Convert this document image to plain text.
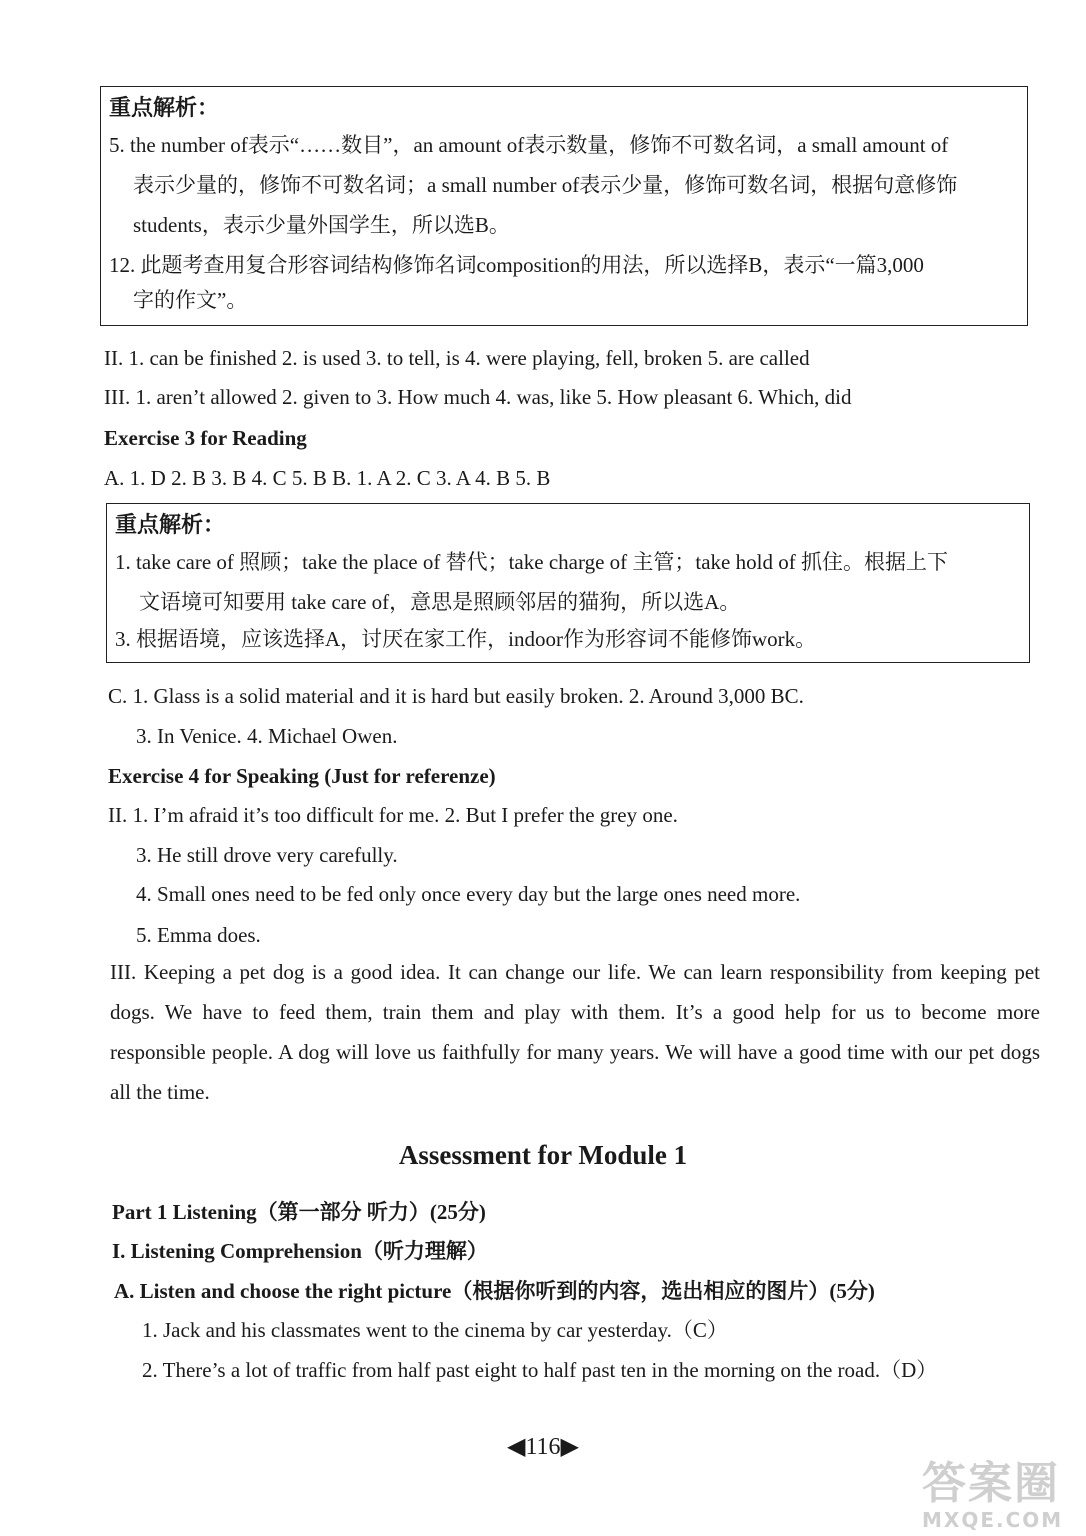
重点解析：
5. the number of表示“……数目”，an amount of表示数量，修饰不可数名词，a small amount of
表示少量的，修饰不可数名词；a small number of表示少量，修饰可数名词，根据句意修饰
students，表示少量外国学生，所以选B。
12. 此题考查用复合形容词结构修饰名词composition的用法，所以选择B，表示“一篇3,000
字的作文”。
II. 1. can be finished 2. is used 3. to tell, is 4. were playing, fell, broken 5. are called
III. 1. aren’t allowed 2. given to 3. How much 4. was, like 5. How pleasant 6. Which, did
Exercise 3 for Reading
A. 1. D 2. B 3. B 4. C 5. B B. 1. A 2. C 3. A 4. B 5. B
重点解析：
1. take care of 照顾；take the place of 替代；take charge of 主管；take hold of 抓住。根据上下
文语境可知要用 take care of，意思是照顾邻居的猫狗，所以选A。
3. 根据语境，应该选择A，讨厌在家工作，indoor作为形容词不能修饰work。
C. 1. Glass is a solid material and it is hard but easily broken. 2. Around 3,000 BC.
3. In Venice. 4. Michael Owen.
Exercise 4 for Speaking (Just for referenze)
II. 1. I’m afraid it’s too difficult for me. 2. But I prefer the grey one.
3. He still drove very carefully.
4. Small ones need to be fed only once every day but the large ones need more.
5. Emma does.
III. Keeping a pet dog is a good idea. It can change our life. We can learn responsibility from keeping pet dogs. We have to feed them, train them and play with them. It’s a good help for us to become more responsible people. A dog will love us faithfully for many years. We will have a good time with our pet dogs all the time.
Assessment for Module 1
Part 1 Listening（第一部分 听力）(25分)
I. Listening Comprehension（听力理解）
A. Listen and choose the right picture（根据你听到的内容，选出相应的图片）(5分)
1. Jack and his classmates went to the cinema by car yesterday.（C）
2. There’s a lot of traffic from half past eight to half past ten in the morning on the road.（D）
◀116▶
答案圈
MXQE.COM
